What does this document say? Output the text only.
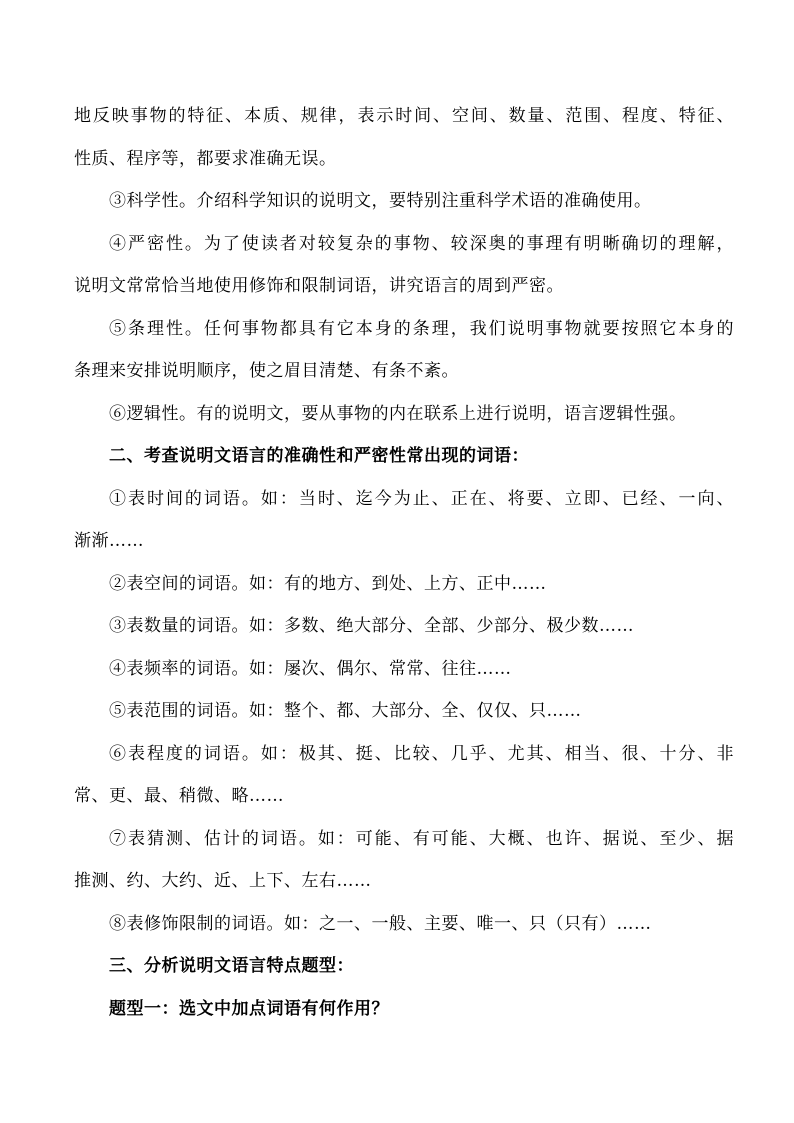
地反映事物的特征、本质、规律，表示时间、空间、数量、范围、程度、特征、
性质、程序等，都要求准确无误。
③科学性。介绍科学知识的说明文，要特别注重科学术语的准确使用。
④严密性。为了使读者对较复杂的事物、较深奥的事理有明晰确切的理解，
说明文常常恰当地使用修饰和限制词语，讲究语言的周到严密。
⑤条理性。任何事物都具有它本身的条理，我们说明事物就要按照它本身的
条理来安排说明顺序，使之眉目清楚、有条不紊。
⑥逻辑性。有的说明文，要从事物的内在联系上进行说明，语言逻辑性强。
二、考查说明文语言的准确性和严密性常出现的词语：
①表时间的词语。如：当时、迄今为止、正在、将要、立即、已经、一向、
渐渐……
②表空间的词语。如：有的地方、到处、上方、正中……
③表数量的词语。如：多数、绝大部分、全部、少部分、极少数……
④表频率的词语。如：屡次、偶尔、常常、往往……
⑤表范围的词语。如：整个、都、大部分、全、仅仅、只……
⑥表程度的词语。如：极其、挺、比较、几乎、尤其、相当、很、十分、非
常、更、最、稍微、略……
⑦表猜测、估计的词语。如：可能、有可能、大概、也许、据说、至少、据
推测、约、大约、近、上下、左右……
⑧表修饰限制的词语。如：之一、一般、主要、唯一、只（只有）……
三、分析说明文语言特点题型：
题型一：选文中加点词语有何作用？
